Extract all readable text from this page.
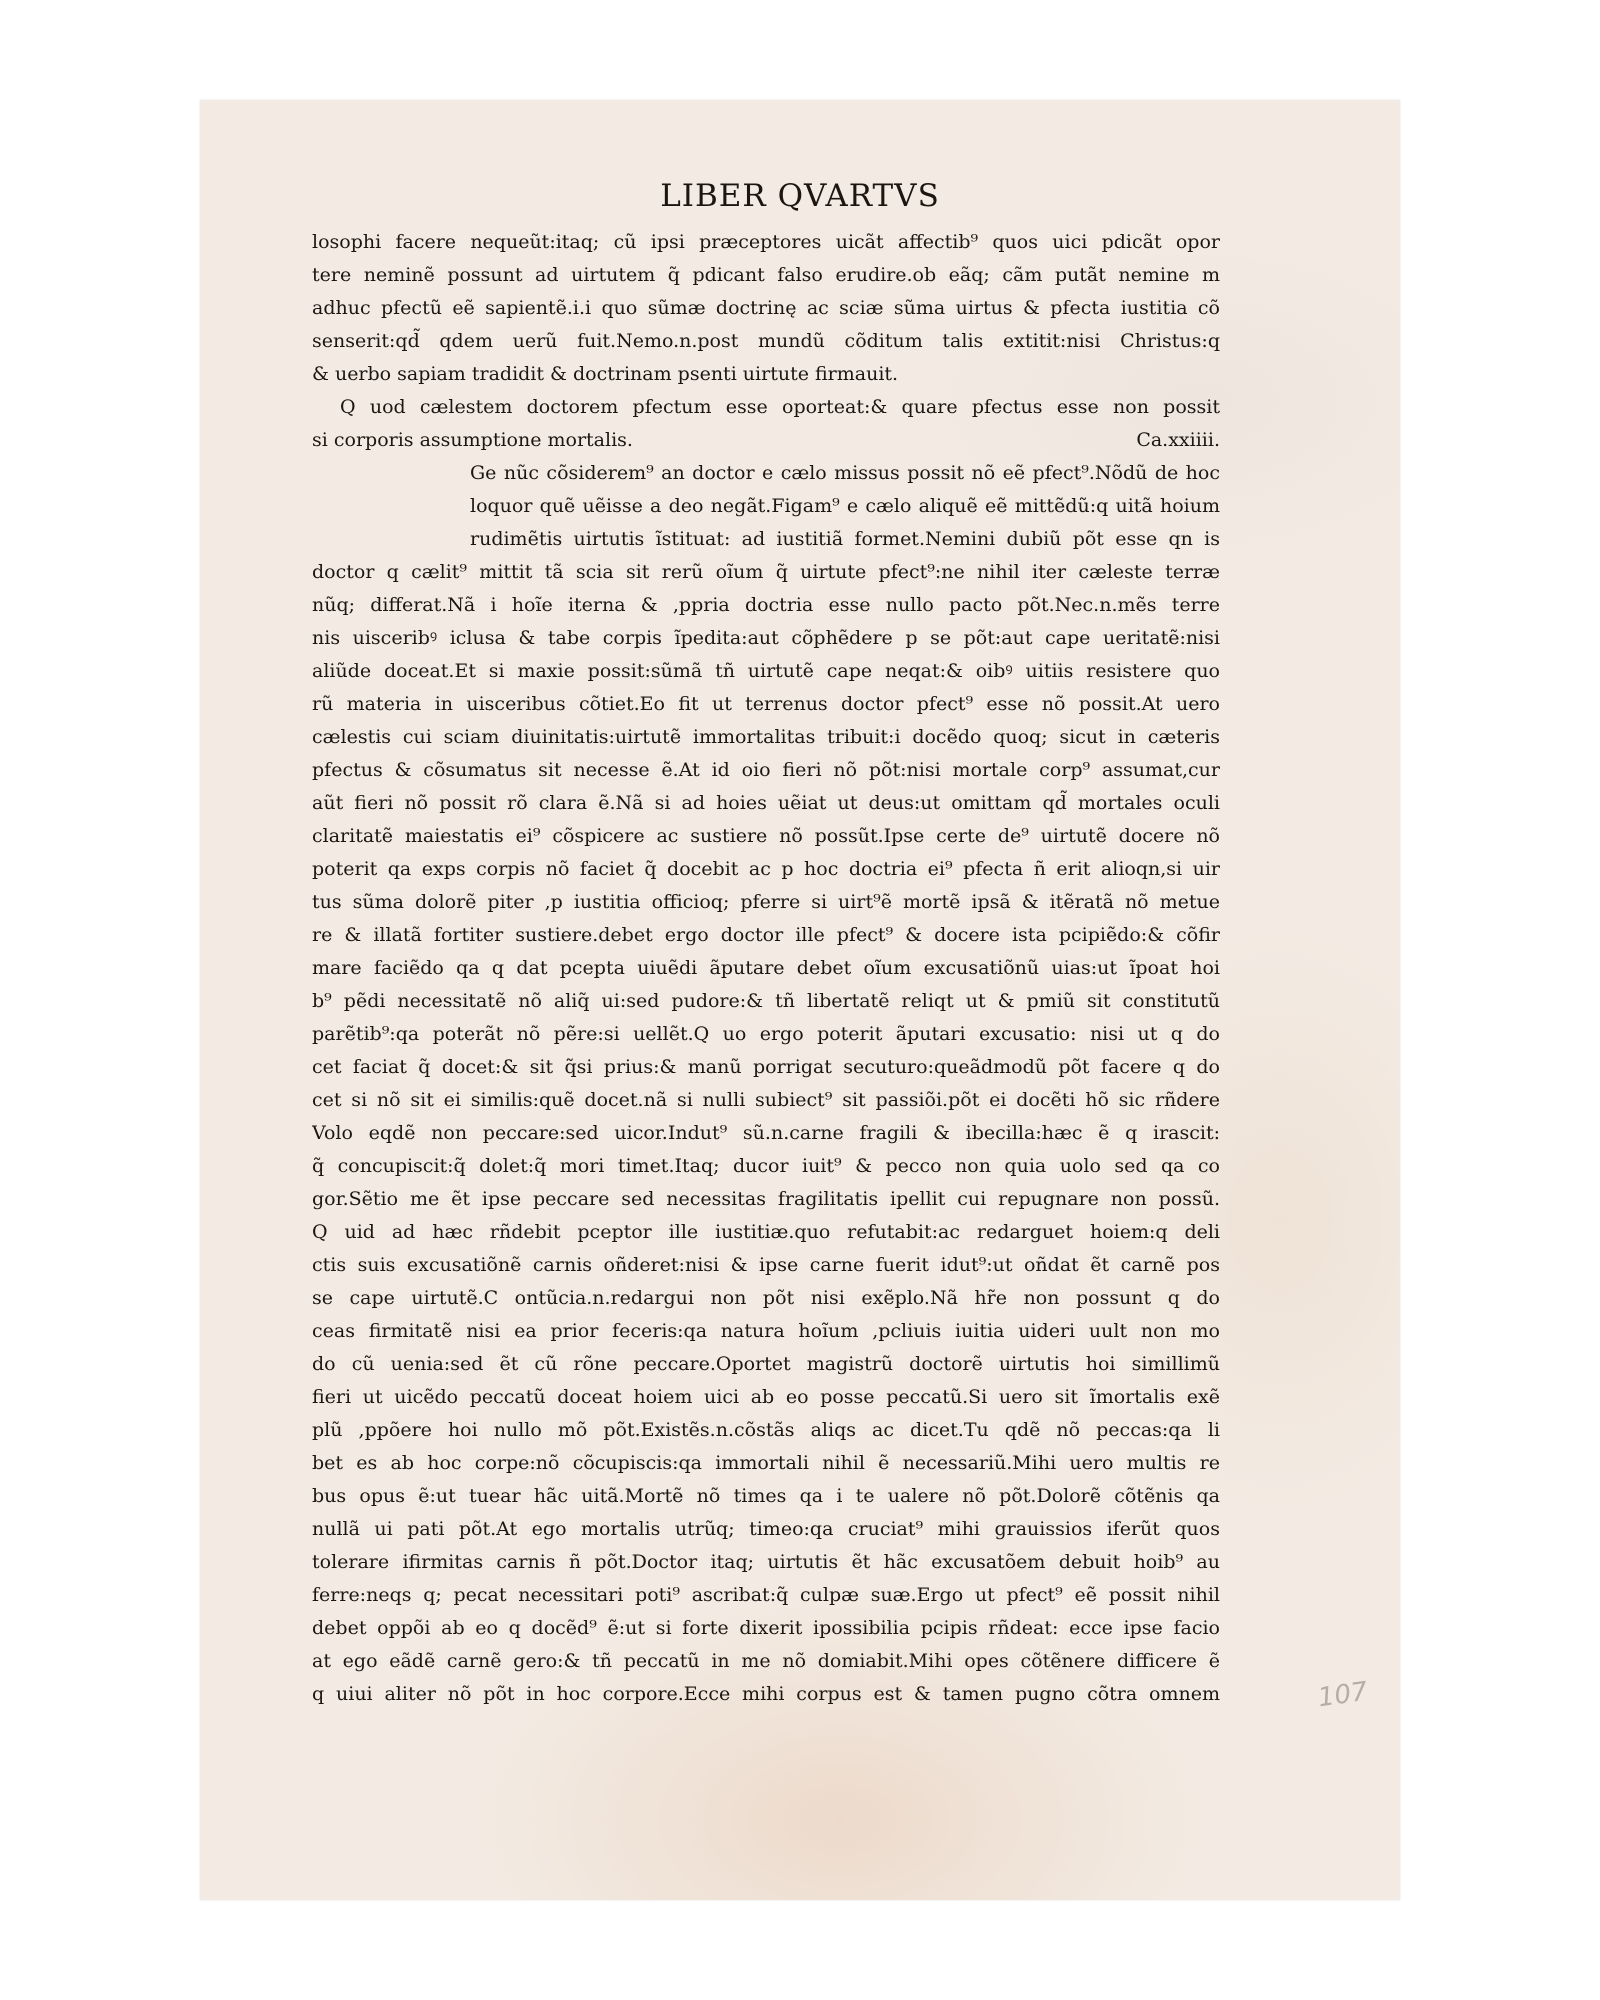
LIBER QVARTVS
losophi facere nequeũt:itaq; cũ ipsi præceptores uicãt affectib⁹ quos uici pdicãt opor
tere neminẽ possunt ad uirtutem q̃ pdicant falso erudire.ob eãq; cãm putãt nemine m
adhuc pfectũ eẽ sapientẽ.i.i quo sũmæ doctrinę ac sciæ sũma uirtus & pfecta iustitia cõ
senserit:qd̃ qdem uerũ fuit.Nemo.n.post mundũ cõditum talis extitit:nisi Christus:q
& uerbo sapiam tradidit & doctrinam psenti uirtute firmauit.
Q uod cælestem doctorem pfectum esse oporteat:& quare pfectus esse non possit
si corporis assumptione mortalis.	Ca.xxiiii.
Ge nũc cõsiderem⁹ an doctor e cælo missus possit nõ eẽ pfect⁹.Nõdũ de hoc
loquor quẽ uẽisse a deo negãt.Figam⁹ e cælo aliquẽ eẽ mittẽdũ:q uitã hoium
rudimẽtis uirtutis ĩstituat: ad iustitiã formet.Nemini dubiũ põt esse qn is
doctor q cælit⁹ mittit tã scia sit rerũ oĩum q̃ uirtute pfect⁹:ne nihil iter cæleste terræ
nũq; differat.Nã i hoĩe iterna & ,ppria doctria esse nullo pacto põt.Nec.n.mẽs terre
nis uisceribꝰ iclusa & tabe corpis ĩpedita:aut cõphẽdere p se põt:aut cape ueritatẽ:nisi
aliũde doceat.Et si maxie possit:sũmã tñ uirtutẽ cape neqat:& oibꝰ uitiis resistere quo
rũ materia in uisceribus cõtiet.Eo fit ut terrenus doctor pfect⁹ esse nõ possit.At uero
cælestis cui sciam diuinitatis:uirtutẽ immortalitas tribuit:i docẽdo quoq; sicut in cæteris
pfectus & cõsumatus sit necesse ẽ.At id oio fieri nõ põt:nisi mortale corp⁹ assumat,cur
aũt fieri nõ possit rõ clara ẽ.Nã si ad hoies uẽiat ut deus:ut omittam qd̃ mortales oculi
claritatẽ maiestatis ei⁹ cõspicere ac sustiere nõ possũt.Ipse certe de⁹ uirtutẽ docere nõ
poterit qa exps corpis nõ faciet q̃ docebit ac p hoc doctria ei⁹ pfecta ñ erit alioqn,si uir
tus sũma dolorẽ piter ,p iustitia officioq; pferre si uirt⁹ẽ mortẽ ipsã & itẽratã nõ metue
re & illatã fortiter sustiere.debet ergo doctor ille pfect⁹ & docere ista pcipiẽdo:& cõfir
mare faciẽdo qa q dat pcepta uiuẽdi ãputare debet oĩum excusatiõnũ uias:ut ĩpoat hoi
b⁹ pẽdi necessitatẽ nõ aliq̃ ui:sed pudore:& tñ libertatẽ reliqt ut & pmiũ sit constitutũ
parẽtib⁹:qa poterãt nõ pẽre:si uellẽt.Q uo ergo poterit ãputari excusatio: nisi ut q do
cet faciat q̃ docet:& sit q̃si prius:& manũ porrigat secuturo:queãdmodũ põt facere q do
cet si nõ sit ei similis:quẽ docet.nã si nulli subiect⁹ sit passiõi.põt ei docẽti hõ sic rñdere
Volo eqdẽ non peccare:sed uicor.Indut⁹ sũ.n.carne fragili & ibecilla:hæc ẽ q irascit:
q̃ concupiscit:q̃ dolet:q̃ mori timet.Itaq; ducor iuit⁹ & pecco non quia uolo sed qa co
gor.Sẽtio me ẽt ipse peccare sed necessitas fragilitatis ipellit cui repugnare non possũ.
Q uid ad hæc rñdebit pceptor ille iustitiæ.quo refutabit:ac redarguet hoiem:q deli
ctis suis excusatiõnẽ carnis oñderet:nisi & ipse carne fuerit idut⁹:ut oñdat ẽt carnẽ pos
se cape uirtutẽ.C ontũcia.n.redargui non põt nisi exẽplo.Nã hr̃e non possunt q do
ceas firmitatẽ nisi ea prior feceris:qa natura hoĩum ,pcliuis iuitia uideri uult non mo
do cũ uenia:sed ẽt cũ rõne peccare.Oportet magistrũ doctorẽ uirtutis hoi simillimũ
fieri ut uicẽdo peccatũ doceat hoiem uici ab eo posse peccatũ.Si uero sit ĩmortalis exẽ
plũ ,ppõere hoi nullo mõ põt.Existẽs.n.cõstãs aliqs ac dicet.Tu qdẽ nõ peccas:qa li
bet es ab hoc corpe:nõ cõcupiscis:qa immortali nihil ẽ necessariũ.Mihi uero multis re
bus opus ẽ:ut tuear hãc uitã.Mortẽ nõ times qa i te ualere nõ põt.Dolorẽ cõtẽnis qa
nullã ui pati põt.At ego mortalis utrũq; timeo:qa cruciat⁹ mihi grauissios iferũt quos
tolerare ifirmitas carnis ñ põt.Doctor itaq; uirtutis ẽt hãc excusatõem debuit hoib⁹ au
ferre:neqs q; pecat necessitari poti⁹ ascribat:q̃ culpæ suæ.Ergo ut pfect⁹ eẽ possit nihil
debet oppõi ab eo q docẽd⁹ ẽ:ut si forte dixerit ipossibilia pcipis rñdeat: ecce ipse facio
at ego eãdẽ carnẽ gero:& tñ peccatũ in me nõ domiabit.Mihi opes cõtẽnere difficere ẽ
q uiui aliter nõ põt in hoc corpore.Ecce mihi corpus est & tamen pugno cõtra omnem	107
